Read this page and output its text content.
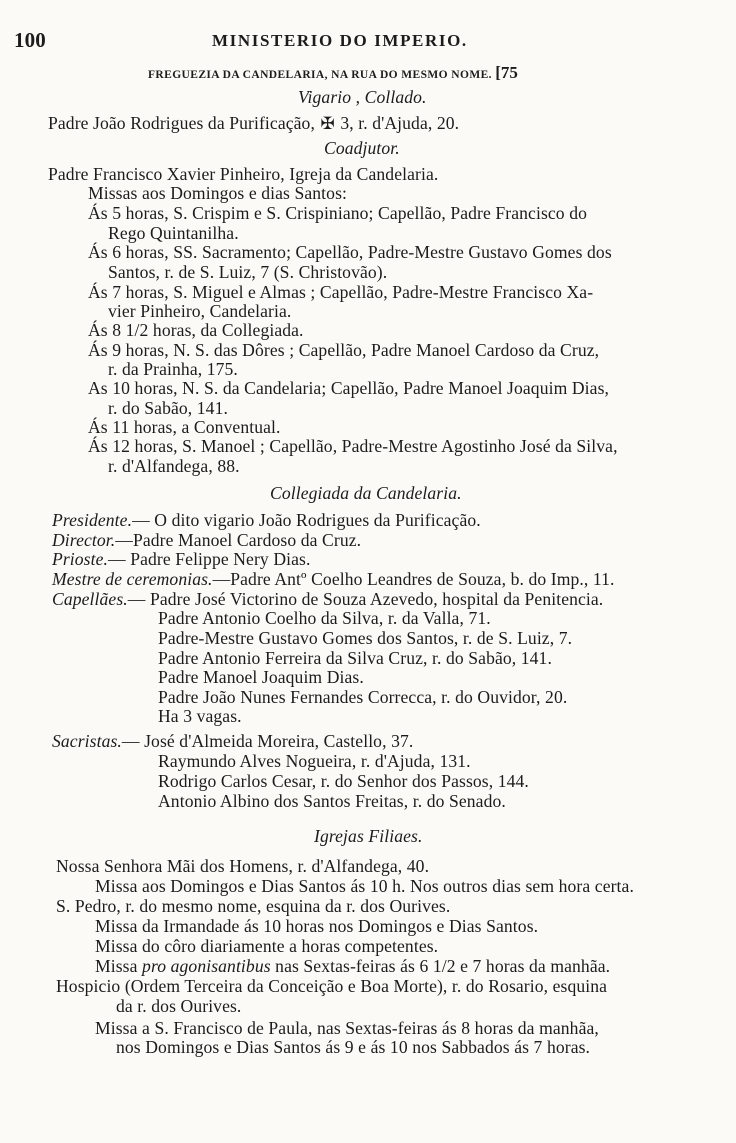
100	MINISTERIO DO IMPERIO.
FREGUEZIA DA CANDELARIA, NA RUA DO MESMO NOME. [75
Vigario , Collado.
Padre João Rodrigues da Purificação, ✠ 3, r. d'Ajuda, 20.
Coadjutor.
Padre Francisco Xavier Pinheiro, Igreja da Candelaria.
Missas aos Domingos e dias Santos:
Ás 5 horas, S. Crispim e S. Crispiniano; Capellão, Padre Francisco do
Rego Quintanilha.
Ás 6 horas, SS. Sacramento; Capellão, Padre-Mestre Gustavo Gomes dos
Santos, r. de S. Luiz, 7 (S. Christovão).
Ás 7 horas, S. Miguel e Almas ; Capellão, Padre-Mestre Francisco Xa-
vier Pinheiro, Candelaria.
Ás 8 1/2 horas, da Collegiada.
Ás 9 horas, N. S. das Dôres ; Capellão, Padre Manoel Cardoso da Cruz,
r. da Prainha, 175.
As 10 horas, N. S. da Candelaria; Capellão, Padre Manoel Joaquim Dias,
r. do Sabão, 141.
Ás 11 horas, a Conventual.
Ás 12 horas, S. Manoel ; Capellão, Padre-Mestre Agostinho José da Silva,
r. d'Alfandega, 88.
Collegiada da Candelaria.
Presidente.— O dito vigario João Rodrigues da Purificação.
Director.—Padre Manoel Cardoso da Cruz.
Prioste.— Padre Felippe Nery Dias.
Mestre de ceremonias.—Padre Antº Coelho Leandres de Souza, b. do Imp., 11.
Capellães.— Padre José Victorino de Souza Azevedo, hospital da Penitencia.
Padre Antonio Coelho da Silva, r. da Valla, 71.
Padre-Mestre Gustavo Gomes dos Santos, r. de S. Luiz, 7.
Padre Antonio Ferreira da Silva Cruz, r. do Sabão, 141.
Padre Manoel Joaquim Dias.
Padre João Nunes Fernandes Correcca, r. do Ouvidor, 20.
Ha 3 vagas.
Sacristas.— José d'Almeida Moreira, Castello, 37.
Raymundo Alves Nogueira, r. d'Ajuda, 131.
Rodrigo Carlos Cesar, r. do Senhor dos Passos, 144.
Antonio Albino dos Santos Freitas, r. do Senado.
Igrejas Filiaes.
Nossa Senhora Mãi dos Homens, r. d'Alfandega, 40.
Missa aos Domingos e Dias Santos ás 10 h. Nos outros dias sem hora certa.
S. Pedro, r. do mesmo nome, esquina da r. dos Ourives.
Missa da Irmandade ás 10 horas nos Domingos e Dias Santos.
Missa do côro diariamente a horas competentes.
Missa pro agonisantibus nas Sextas-feiras ás 6 1/2 e 7 horas da manhãa.
Hospicio (Ordem Terceira da Conceição e Boa Morte), r. do Rosario, esquina
da r. dos Ourives.
Missa a S. Francisco de Paula, nas Sextas-feiras ás 8 horas da manhãa,
nos Domingos e Dias Santos ás 9 e ás 10 nos Sabbados ás 7 horas.
